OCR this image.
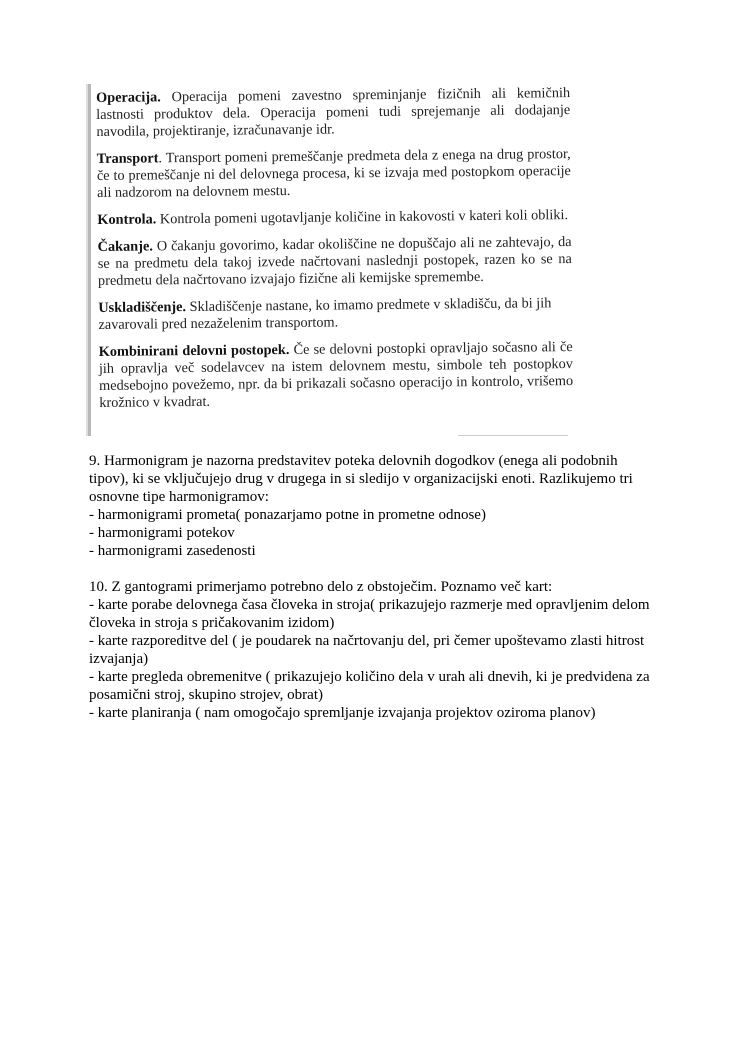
Operacija. Operacija pomeni zavestno spreminjanje fizičnih ali kemičnih lastnosti produktov dela. Operacija pomeni tudi sprejemanje ali dodajanje navodila, projektiranje, izračunavanje idr.

Transport. Transport pomeni premeščanje predmeta dela z enega na drug prostor, če to premeščanje ni del delovnega procesa, ki se izvaja med postopkom operacije ali nadzorom na delovnem mestu.

Kontrola. Kontrola pomeni ugotavljanje količine in kakovosti v kateri koli obliki.

Čakanje. O čakanju govorimo, kadar okoliščine ne dopuščajo ali ne zahtevajo, da se na predmetu dela takoj izvede načrtovani naslednji postopek, razen ko se na predmetu dela načrtovano izvajajo fizične ali kemijske spremembe.

Uskladiščenje. Skladiščenje nastane, ko imamo predmete v skladišču, da bi jih zavarovali pred nezaželenim transportom.

Kombinirani delovni postopek. Če se delovni postopki opravljajo sočasno ali če jih opravlja več sodelavcev na istem delovnem mestu, simbole teh postopkov medsebojno povežemo, npr. da bi prikazali sočasno operacijo in kontrolo, vrišemo krožnico v kvadrat.

9. Harmonigram je nazorna predstavitev poteka delovnih dogodkov (enega ali podobnih
tipov), ki se vključujejo drug v drugega in si sledijo v organizacijski enoti. Razlikujemo tri
osnovne tipe harmonigramov:
- harmonigrami prometa( ponazarjamo potne in prometne odnose)
- harmonigrami potekov
- harmonigrami zasedenosti
10. Z gantogrami primerjamo potrebno delo z obstoječim. Poznamo več kart:
- karte porabe delovnega časa človeka in stroja( prikazujejo razmerje med opravljenim delom
človeka in stroja s pričakovanim izidom)
- karte razporeditve del ( je poudarek na načrtovanju del, pri čemer upoštevamo zlasti hitrost
izvajanja)
- karte pregleda obremenitve ( prikazujejo količino dela v urah ali dnevih, ki je predvidena za
posamični stroj, skupino strojev, obrat)
- karte planiranja ( nam omogočajo spremljanje izvajanja projektov oziroma planov)
